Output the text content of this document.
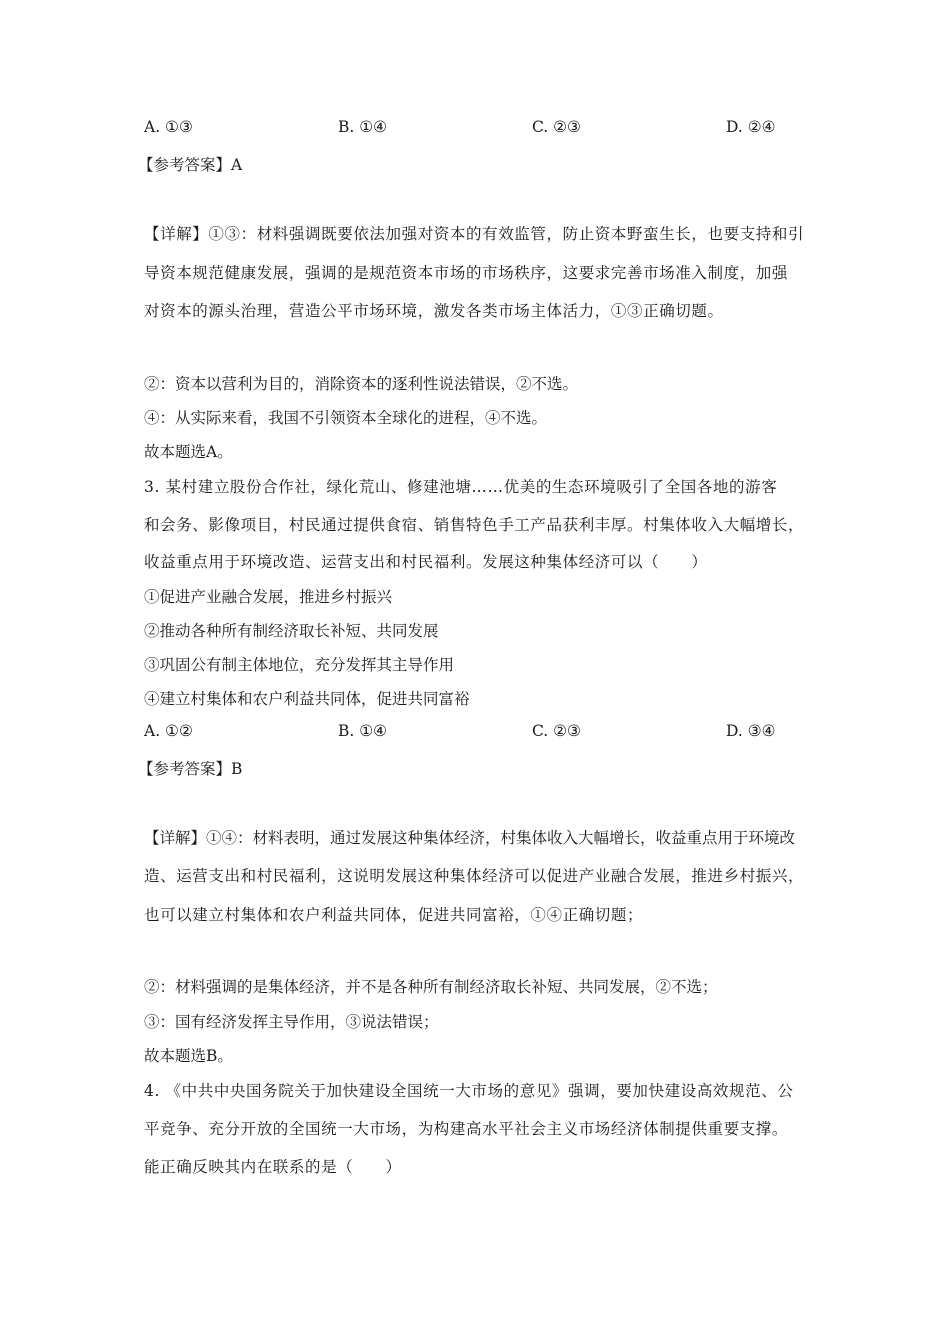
A. ①③	B. ①④	C. ②③	D. ②④
【参考答案】A
【详解】①③：材料强调既要依法加强对资本的有效监管，防止资本野蛮生长，也要支持和引
导资本规范健康发展，强调的是规范资本市场的市场秩序，这要求完善市场准入制度，加强
对资本的源头治理，营造公平市场环境，激发各类市场主体活力，①③正确切题。
②：资本以营利为目的，消除资本的逐利性说法错误，②不选。
④：从实际来看，我国不引领资本全球化的进程，④不选。
故本题选A。
3. 某村建立股份合作社，绿化荒山、修建池塘……优美的生态环境吸引了全国各地的游客
和会务、影像项目，村民通过提供食宿、销售特色手工产品获利丰厚。村集体收入大幅增长，
收益重点用于环境改造、运营支出和村民福利。发展这种集体经济可以（　　）
①促进产业融合发展，推进乡村振兴
②推动各种所有制经济取长补短、共同发展
③巩固公有制主体地位，充分发挥其主导作用
④建立村集体和农户利益共同体，促进共同富裕
A. ①②	B. ①④	C. ②③	D. ③④
【参考答案】B
【详解】①④：材料表明，通过发展这种集体经济，村集体收入大幅增长，收益重点用于环境改
造、运营支出和村民福利，这说明发展这种集体经济可以促进产业融合发展，推进乡村振兴，
也可以建立村集体和农户利益共同体，促进共同富裕，①④正确切题；
②：材料强调的是集体经济，并不是各种所有制经济取长补短、共同发展，②不选；
③：国有经济发挥主导作用，③说法错误；
故本题选B。
4. 《中共中央国务院关于加快建设全国统一大市场的意见》强调，要加快建设高效规范、公
平竞争、充分开放的全国统一大市场，为构建高水平社会主义市场经济体制提供重要支撑。
能正确反映其内在联系的是（　　）
